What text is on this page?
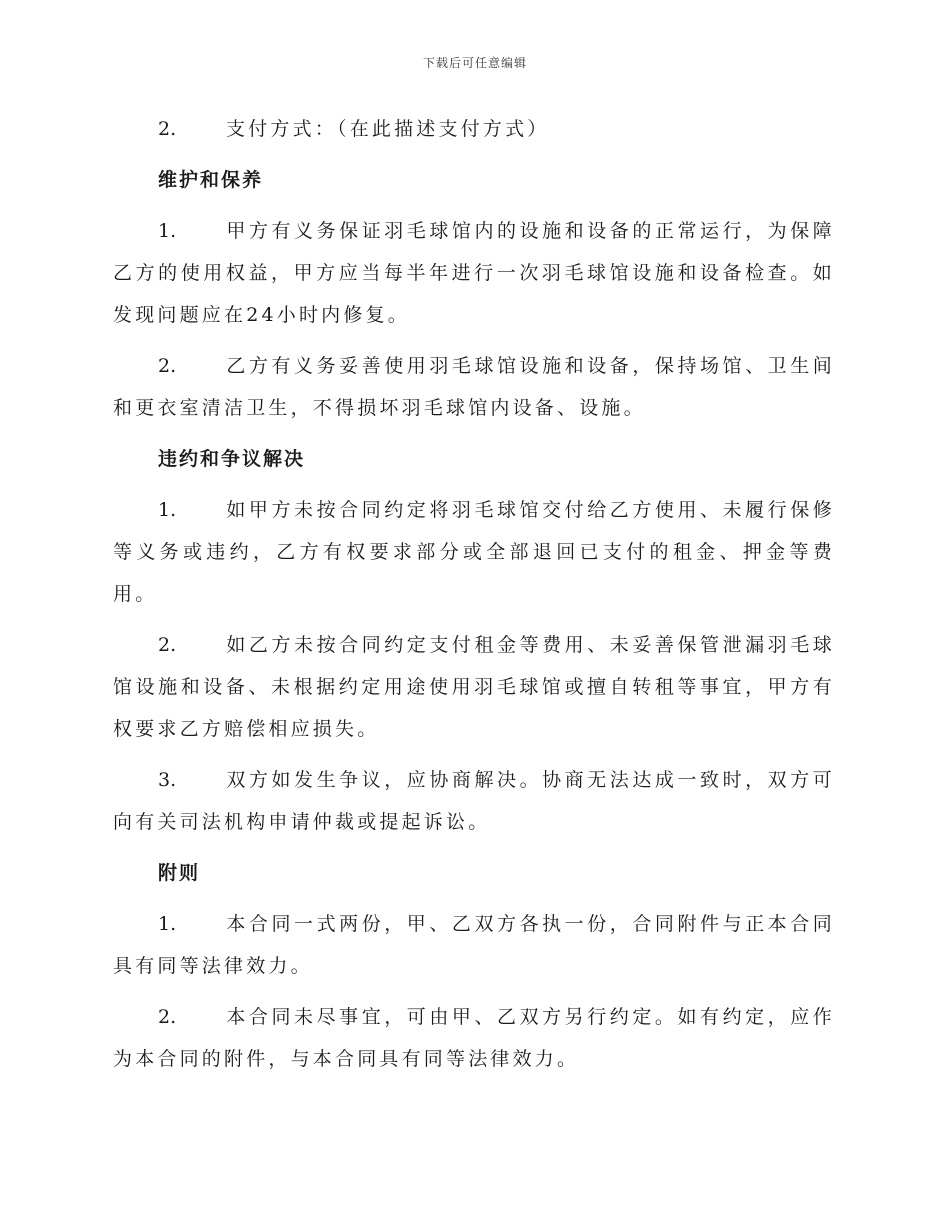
下载后可任意编辑

2.	支付方式：（在此描述支付方式）

维护和保养

1.	甲方有义务保证羽毛球馆内的设施和设备的正常运行，为保障乙方的使用权益，甲方应当每半年进行一次羽毛球馆设施和设备检查。如发现问题应在24小时内修复。

2.	乙方有义务妥善使用羽毛球馆设施和设备，保持场馆、卫生间和更衣室清洁卫生，不得损坏羽毛球馆内设备、设施。

违约和争议解决

1.	如甲方未按合同约定将羽毛球馆交付给乙方使用、未履行保修等义务或违约，乙方有权要求部分或全部退回已支付的租金、押金等费用。

2.	如乙方未按合同约定支付租金等费用、未妥善保管泄漏羽毛球馆设施和设备、未根据约定用途使用羽毛球馆或擅自转租等事宜，甲方有权要求乙方赔偿相应损失。

3.	双方如发生争议，应协商解决。协商无法达成一致时，双方可向有关司法机构申请仲裁或提起诉讼。

附则

1.	本合同一式两份，甲、乙双方各执一份，合同附件与正本合同具有同等法律效力。

2.	本合同未尽事宜，可由甲、乙双方另行约定。如有约定，应作为本合同的附件，与本合同具有同等法律效力。
